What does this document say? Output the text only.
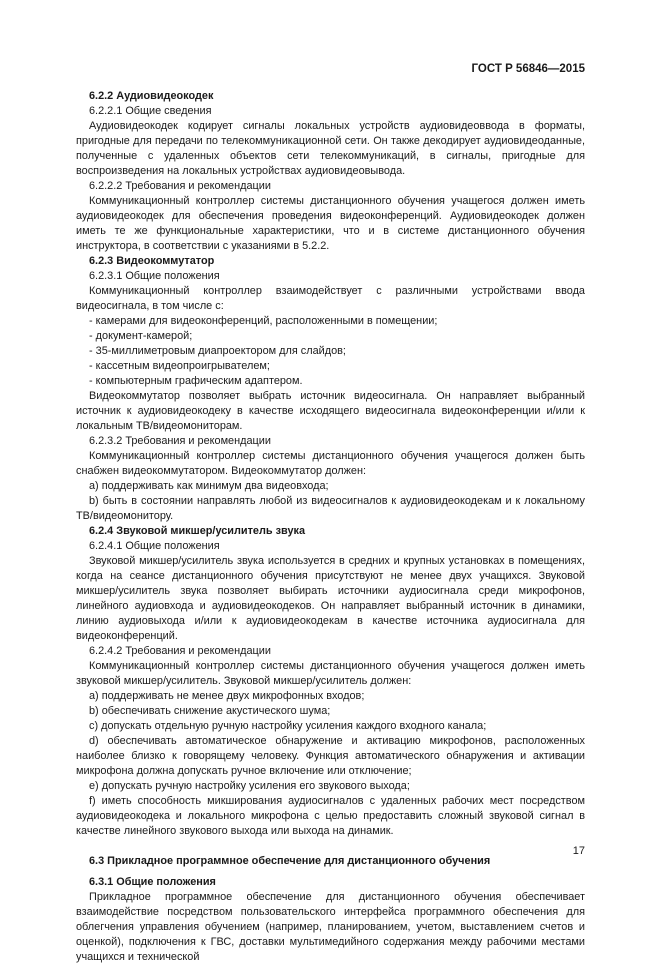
ГОСТ Р 56846—2015

6.2.2 Аудиовидеокодек

6.2.2.1 Общие сведения

Аудиовидеокодек кодирует сигналы локальных устройств аудиовидеоввода в форматы, пригодные для передачи по телекоммуникационной сети. Он также декодирует аудиовидеоданные, полученные с удаленных объектов сети телекоммуникаций, в сигналы, пригодные для воспроизведения на локальных устройствах аудиовидеовывода.

6.2.2.2 Требования и рекомендации

Коммуникационный контроллер системы дистанционного обучения учащегося должен иметь аудиовидеокодек для обеспечения проведения видеоконференций. Аудиовидеокодек должен иметь те же функциональные характеристики, что и в системе дистанционного обучения инструктора, в соответствии с указаниями в 5.2.2.

6.2.3 Видеокоммутатор

6.2.3.1 Общие положения

Коммуникационный контроллер взаимодействует с различными устройствами ввода видеосигнала, в том числе с:

- камерами для видеоконференций, расположенными в помещении;

- документ-камерой;

- 35-миллиметровым диапроектором для слайдов;

- кассетным видеопроигрывателем;

- компьютерным графическим адаптером.

Видеокоммутатор позволяет выбрать источник видеосигнала. Он направляет выбранный источник к аудиовидеокодеку в качестве исходящего видеосигнала видеоконференции и/или к локальным ТВ/видеомониторам.

6.2.3.2 Требования и рекомендации

Коммуникационный контроллер системы дистанционного обучения учащегося должен быть снабжен видеокоммутатором. Видеокоммутатор должен:

а) поддерживать как минимум два видеовхода;

b) быть в состоянии направлять любой из видеосигналов к аудиовидеокодекам и к локальному ТВ/видеомонитору.

6.2.4 Звуковой микшер/усилитель звука

6.2.4.1 Общие положения

Звуковой микшер/усилитель звука используется в средних и крупных установках в помещениях, когда на сеансе дистанционного обучения присутствуют не менее двух учащихся. Звуковой микшер/усилитель звука позволяет выбирать источники аудиосигнала среди микрофонов, линейного аудиовхода и аудиовидеокодеков. Он направляет выбранный источник в динамики, линию аудиовыхода и/или к аудиовидеокодекам в качестве источника аудиосигнала для видеоконференций.

6.2.4.2 Требования и рекомендации

Коммуникационный контроллер системы дистанционного обучения учащегося должен иметь звуковой микшер/усилитель. Звуковой микшер/усилитель должен:

а) поддерживать не менее двух микрофонных входов;

b) обеспечивать снижение акустического шума;

c) допускать отдельную ручную настройку усиления каждого входного канала;

d) обеспечивать автоматическое обнаружение и активацию микрофонов, расположенных наиболее близко к говорящему человеку. Функция автоматического обнаружения и активации микрофона должна допускать ручное включение или отключение;

e) допускать ручную настройку усиления его звукового выхода;

f) иметь способность микширования аудиосигналов с удаленных рабочих мест посредством аудиовидеокодека и локального микрофона с целью предоставить сложный звуковой сигнал в качестве линейного звукового выхода или выхода на динамик.

6.3 Прикладное программное обеспечение для дистанционного обучения

6.3.1 Общие положения

Прикладное программное обеспечение для дистанционного обучения обеспечивает взаимодействие посредством пользовательского интерфейса программного обеспечения для облегчения управления обучением (например, планированием, учетом, выставлением счетов и оценкой), подключения к ГВС, доставки мультимедийного содержания между рабочими местами учащихся и технической

17
